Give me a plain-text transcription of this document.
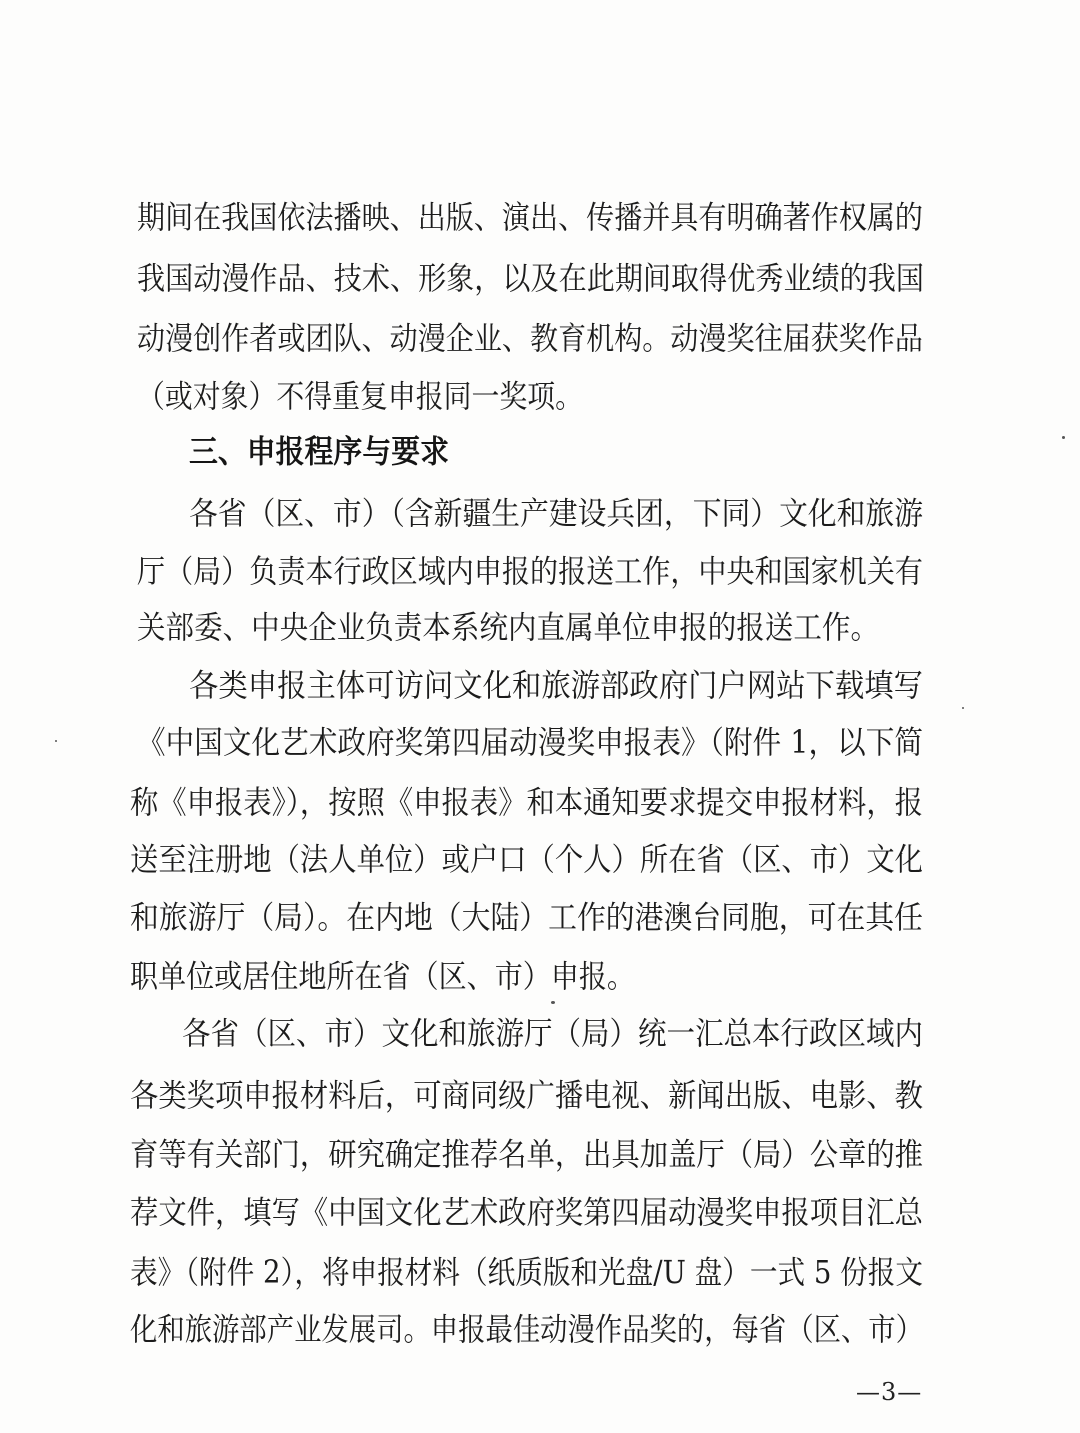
期间在我国依法播映、出版、演出、传播并具有明确著作权属的
我国动漫作品、技术、形象，以及在此期间取得优秀业绩的我国
动漫创作者或团队、动漫企业、教育机构。动漫奖往届获奖作品
（或对象）不得重复申报同一奖项。
三、申报程序与要求
各省（区、市）（含新疆生产建设兵团，下同）文化和旅游
厅（局）负责本行政区域内申报的报送工作，中央和国家机关有
关部委、中央企业负责本系统内直属单位申报的报送工作。
各类申报主体可访问文化和旅游部政府门户网站下载填写
《中国文化艺术政府奖第四届动漫奖申报表》（附件 1，以下简
称《申报表》），按照《申报表》和本通知要求提交申报材料，报
送至注册地（法人单位）或户口（个人）所在省（区、市）文化
和旅游厅（局）。在内地（大陆）工作的港澳台同胞，可在其任
职单位或居住地所在省（区、市）申报。
各省（区、市）文化和旅游厅（局）统一汇总本行政区域内
各类奖项申报材料后，可商同级广播电视、新闻出版、电影、教
育等有关部门，研究确定推荐名单，出具加盖厅（局）公章的推
荐文件，填写《中国文化艺术政府奖第四届动漫奖申报项目汇总
表》（附件 2），将申报材料（纸质版和光盘/U 盘）一式 5 份报文
化和旅游部产业发展司。申报最佳动漫作品奖的，每省（区、市）
—3—
